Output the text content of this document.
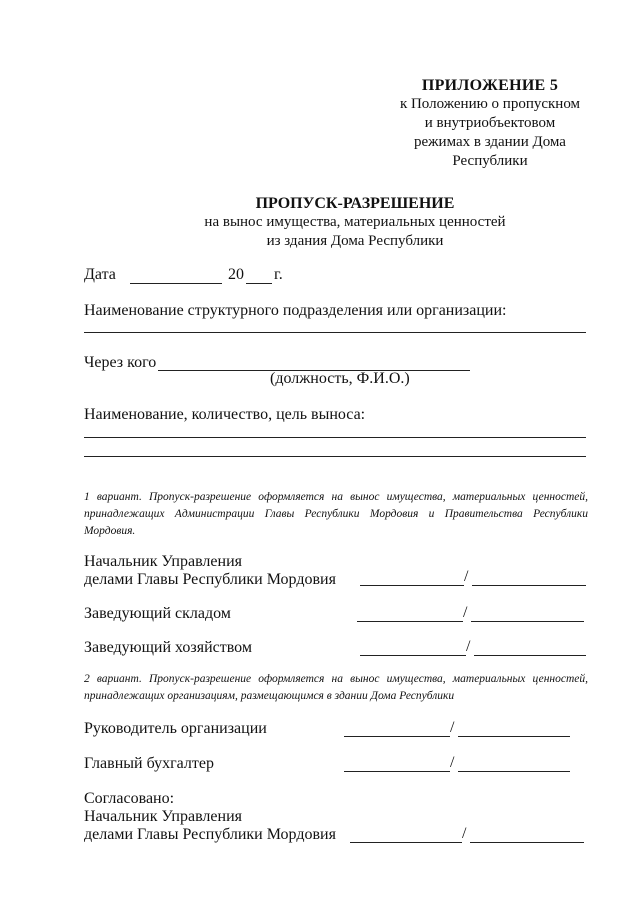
ПРИЛОЖЕНИЕ 5
к Положению о пропускном
и внутриобъектовом
режимах в здании Дома
Республики
ПРОПУСК-РАЗРЕШЕНИЕ
на вынос имущества, материальных ценностей
из здания Дома Республики
Дата	20 г.
Наименование структурного подразделения или организации:
Через кого
(должность, Ф.И.О.)
Наименование, количество, цель выноса:
1 вариант. Пропуск-разрешение оформляется на вынос имущества, материальных ценностей, принадлежащих Администрации Главы Республики Мордовия и Правительства Республики Мордовия.
Начальник Управления
делами Главы Республики Мордовия	/
Заведующий складом	/
Заведующий хозяйством	/
2 вариант. Пропуск-разрешение оформляется на вынос имущества, материальных ценностей, принадлежащих организациям, размещающимся в здании Дома Республики
Руководитель организации	/
Главный бухгалтер	/
Согласовано:
Начальник Управления
делами Главы Республики Мордовия	/
